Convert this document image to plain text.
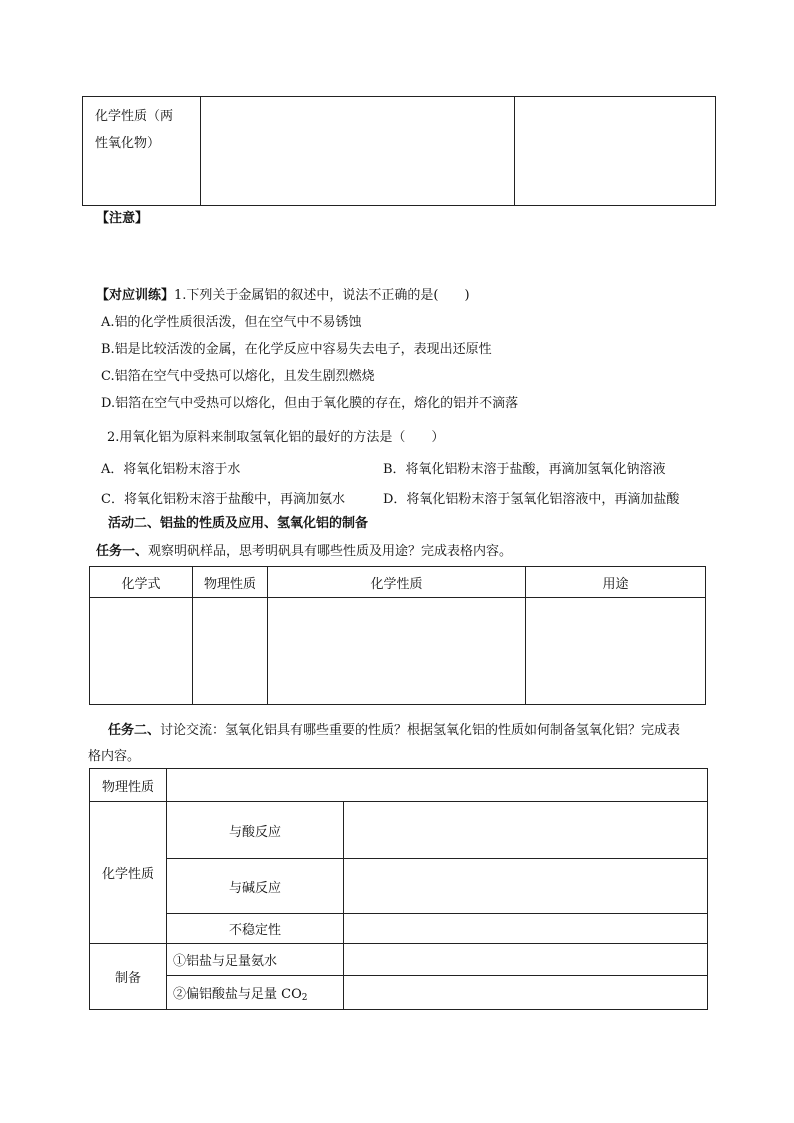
化学性质（两
性氧化物）

【注意】
【对应训练】1.下列关于金属铝的叙述中，说法不正确的是(　　)
A.铝的化学性质很活泼，但在空气中不易锈蚀
B.铝是比较活泼的金属，在化学反应中容易失去电子，表现出还原性
C.铝箔在空气中受热可以熔化，且发生剧烈燃烧
D.铝箔在空气中受热可以熔化，但由于氧化膜的存在，熔化的铝并不滴落
2.用氧化铝为原料来制取氢氧化铝的最好的方法是（　　）
A．将氧化铝粉末溶于水	B．将氧化铝粉末溶于盐酸，再滴加氢氧化钠溶液
C．将氧化铝粉末溶于盐酸中，再滴加氨水	D．将氧化铝粉末溶于氢氧化铝溶液中，再滴加盐酸
活动二、铝盐的性质及应用、氢氧化铝的制备
任务一、观察明矾样品，思考明矾具有哪些性质及用途？完成表格内容。
化学式	物理性质	化学性质	用途

任务二、讨论交流：氢氧化铝具有哪些重要的性质？根据氢氧化铝的性质如何制备氢氧化铝？完成表
格内容。
物理性质		
化学性质	与酸反应	
	与碱反应	
	不稳定性	
制备	①铝盐与足量氨水	
	②偏铝酸盐与足量 $CO_2$	
